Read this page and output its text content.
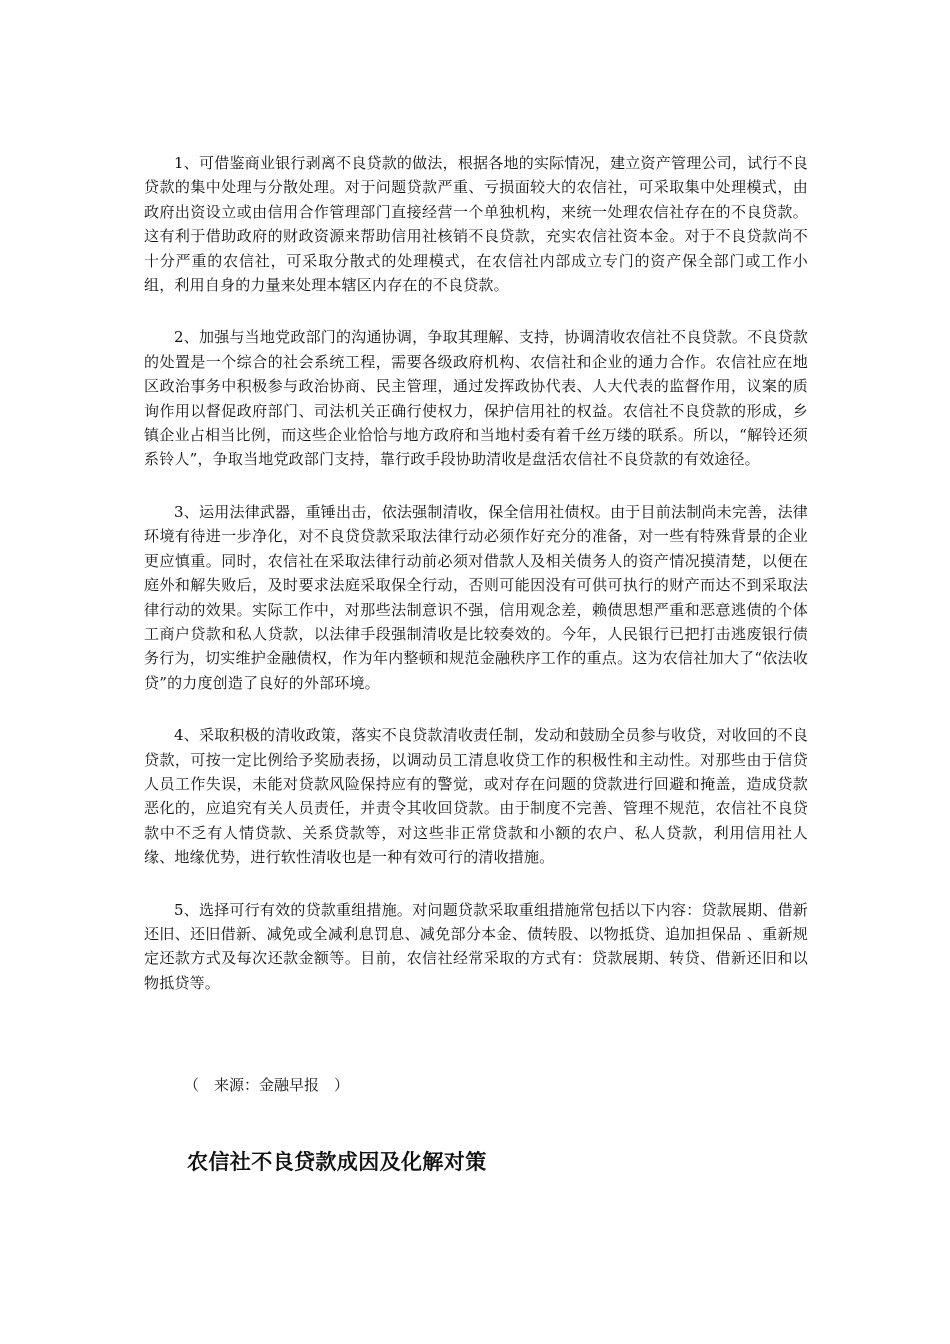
1、可借鉴商业银行剥离不良贷款的做法，根据各地的实际情况，建立资产管理公司，试行不良贷款的集中处理与分散处理。对于问题贷款严重、亏损面较大的农信社，可采取集中处理模式，由政府出资设立或由信用合作管理部门直接经营一个单独机构，来统一处理农信社存在的不良贷款。这有利于借助政府的财政资源来帮助信用社核销不良贷款，充实农信社资本金。对于不良贷款尚不十分严重的农信社，可采取分散式的处理模式，在农信社内部成立专门的资产保全部门或工作小组，利用自身的力量来处理本辖区内存在的不良贷款。

2、加强与当地党政部门的沟通协调，争取其理解、支持，协调清收农信社不良贷款。不良贷款的处置是一个综合的社会系统工程，需要各级政府机构、农信社和企业的通力合作。农信社应在地区政治事务中积极参与政治协商、民主管理，通过发挥政协代表、人大代表的监督作用，议案的质询作用以督促政府部门、司法机关正确行使权力，保护信用社的权益。农信社不良贷款的形成，乡镇企业占相当比例，而这些企业恰恰与地方政府和当地村委有着千丝万缕的联系。所以，“解铃还须系铃人”，争取当地党政部门支持，靠行政手段协助清收是盘活农信社不良贷款的有效途径。

3、运用法律武器，重锤出击，依法强制清收，保全信用社债权。由于目前法制尚未完善，法律环境有待进一步净化，对不良贷贷款采取法律行动必须作好充分的准备，对一些有特殊背景的企业更应慎重。同时，农信社在采取法律行动前必须对借款人及相关债务人的资产情况摸清楚，以便在庭外和解失败后，及时要求法庭采取保全行动，否则可能因没有可供可执行的财产而达不到采取法律行动的效果。实际工作中，对那些法制意识不强，信用观念差，赖债思想严重和恶意逃债的个体工商户贷款和私人贷款，以法律手段强制清收是比较奏效的。今年，人民银行已把打击逃废银行债务行为，切实维护金融债权，作为年内整顿和规范金融秩序工作的重点。这为农信社加大了“依法收贷”的力度创造了良好的外部环境。

4、采取积极的清收政策，落实不良贷款清收责任制，发动和鼓励全员参与收贷，对收回的不良贷款，可按一定比例给予奖励表扬，以调动员工清息收贷工作的积极性和主动性。对那些由于信贷人员工作失误，未能对贷款风险保持应有的警觉，或对存在问题的贷款进行回避和掩盖，造成贷款恶化的，应追究有关人员责任，并责令其收回贷款。由于制度不完善、管理不规范，农信社不良贷款中不乏有人情贷款、关系贷款等，对这些非正常贷款和小额的农户、私人贷款，利用信用社人缘、地缘优势，进行软性清收也是一种有效可行的清收措施。

5、选择可行有效的贷款重组措施。对问题贷款采取重组措施常包括以下内容：贷款展期、借新还旧、还旧借新、减免或全减利息罚息、减免部分本金、债转股、以物抵贷、追加担保品 、重新规定还款方式及每次还款金额等。目前，农信社经常采取的方式有：贷款展期、转贷、借新还旧和以物抵贷等。

（　来源：金融早报　）
农信社不良贷款成因及化解对策
